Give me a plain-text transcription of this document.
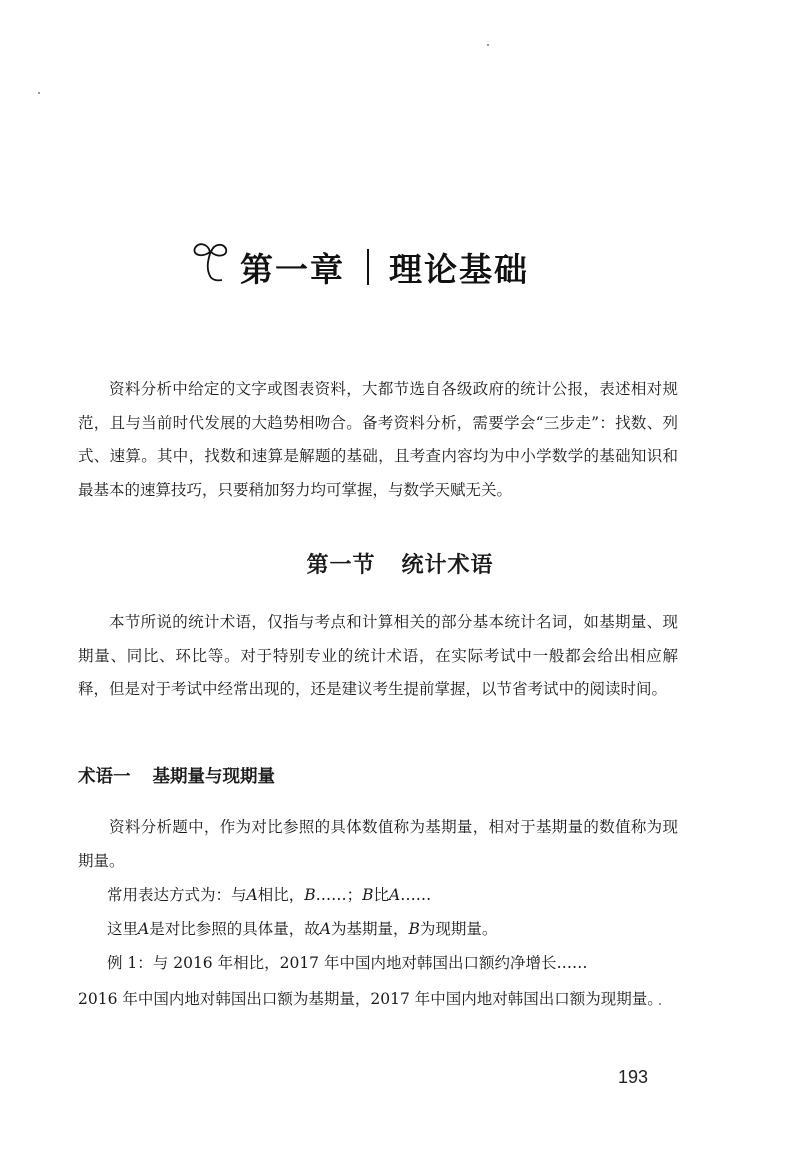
第一章 理论基础

资料分析中给定的文字或图表资料，大都节选自各级政府的统计公报，表述相对规范，且与当前时代发展的大趋势相吻合。备考资料分析，需要学会“三步走”：找数、列式、速算。其中，找数和速算是解题的基础，且考查内容均为中小学数学的基础知识和最基本的速算技巧，只要稍加努力均可掌握，与数学天赋无关。

第一节 统计术语

本节所说的统计术语，仅指与考点和计算相关的部分基本统计名词，如基期量、现期量、同比、环比等。对于特别专业的统计术语，在实际考试中一般都会给出相应解释，但是对于考试中经常出现的，还是建议考生提前掌握，以节省考试中的阅读时间。

术语一 基期量与现期量

资料分析题中，作为对比参照的具体数值称为基期量，相对于基期量的数值称为现期量。

常用表达方式为：与A相比，B……；B比A……

这里A是对比参照的具体量，故A为基期量，B为现期量。

例 1：与 2016 年相比，2017 年中国内地对韩国出口额约净增长……

2016 年中国内地对韩国出口额为基期量，2017 年中国内地对韩国出口额为现期量。

193
